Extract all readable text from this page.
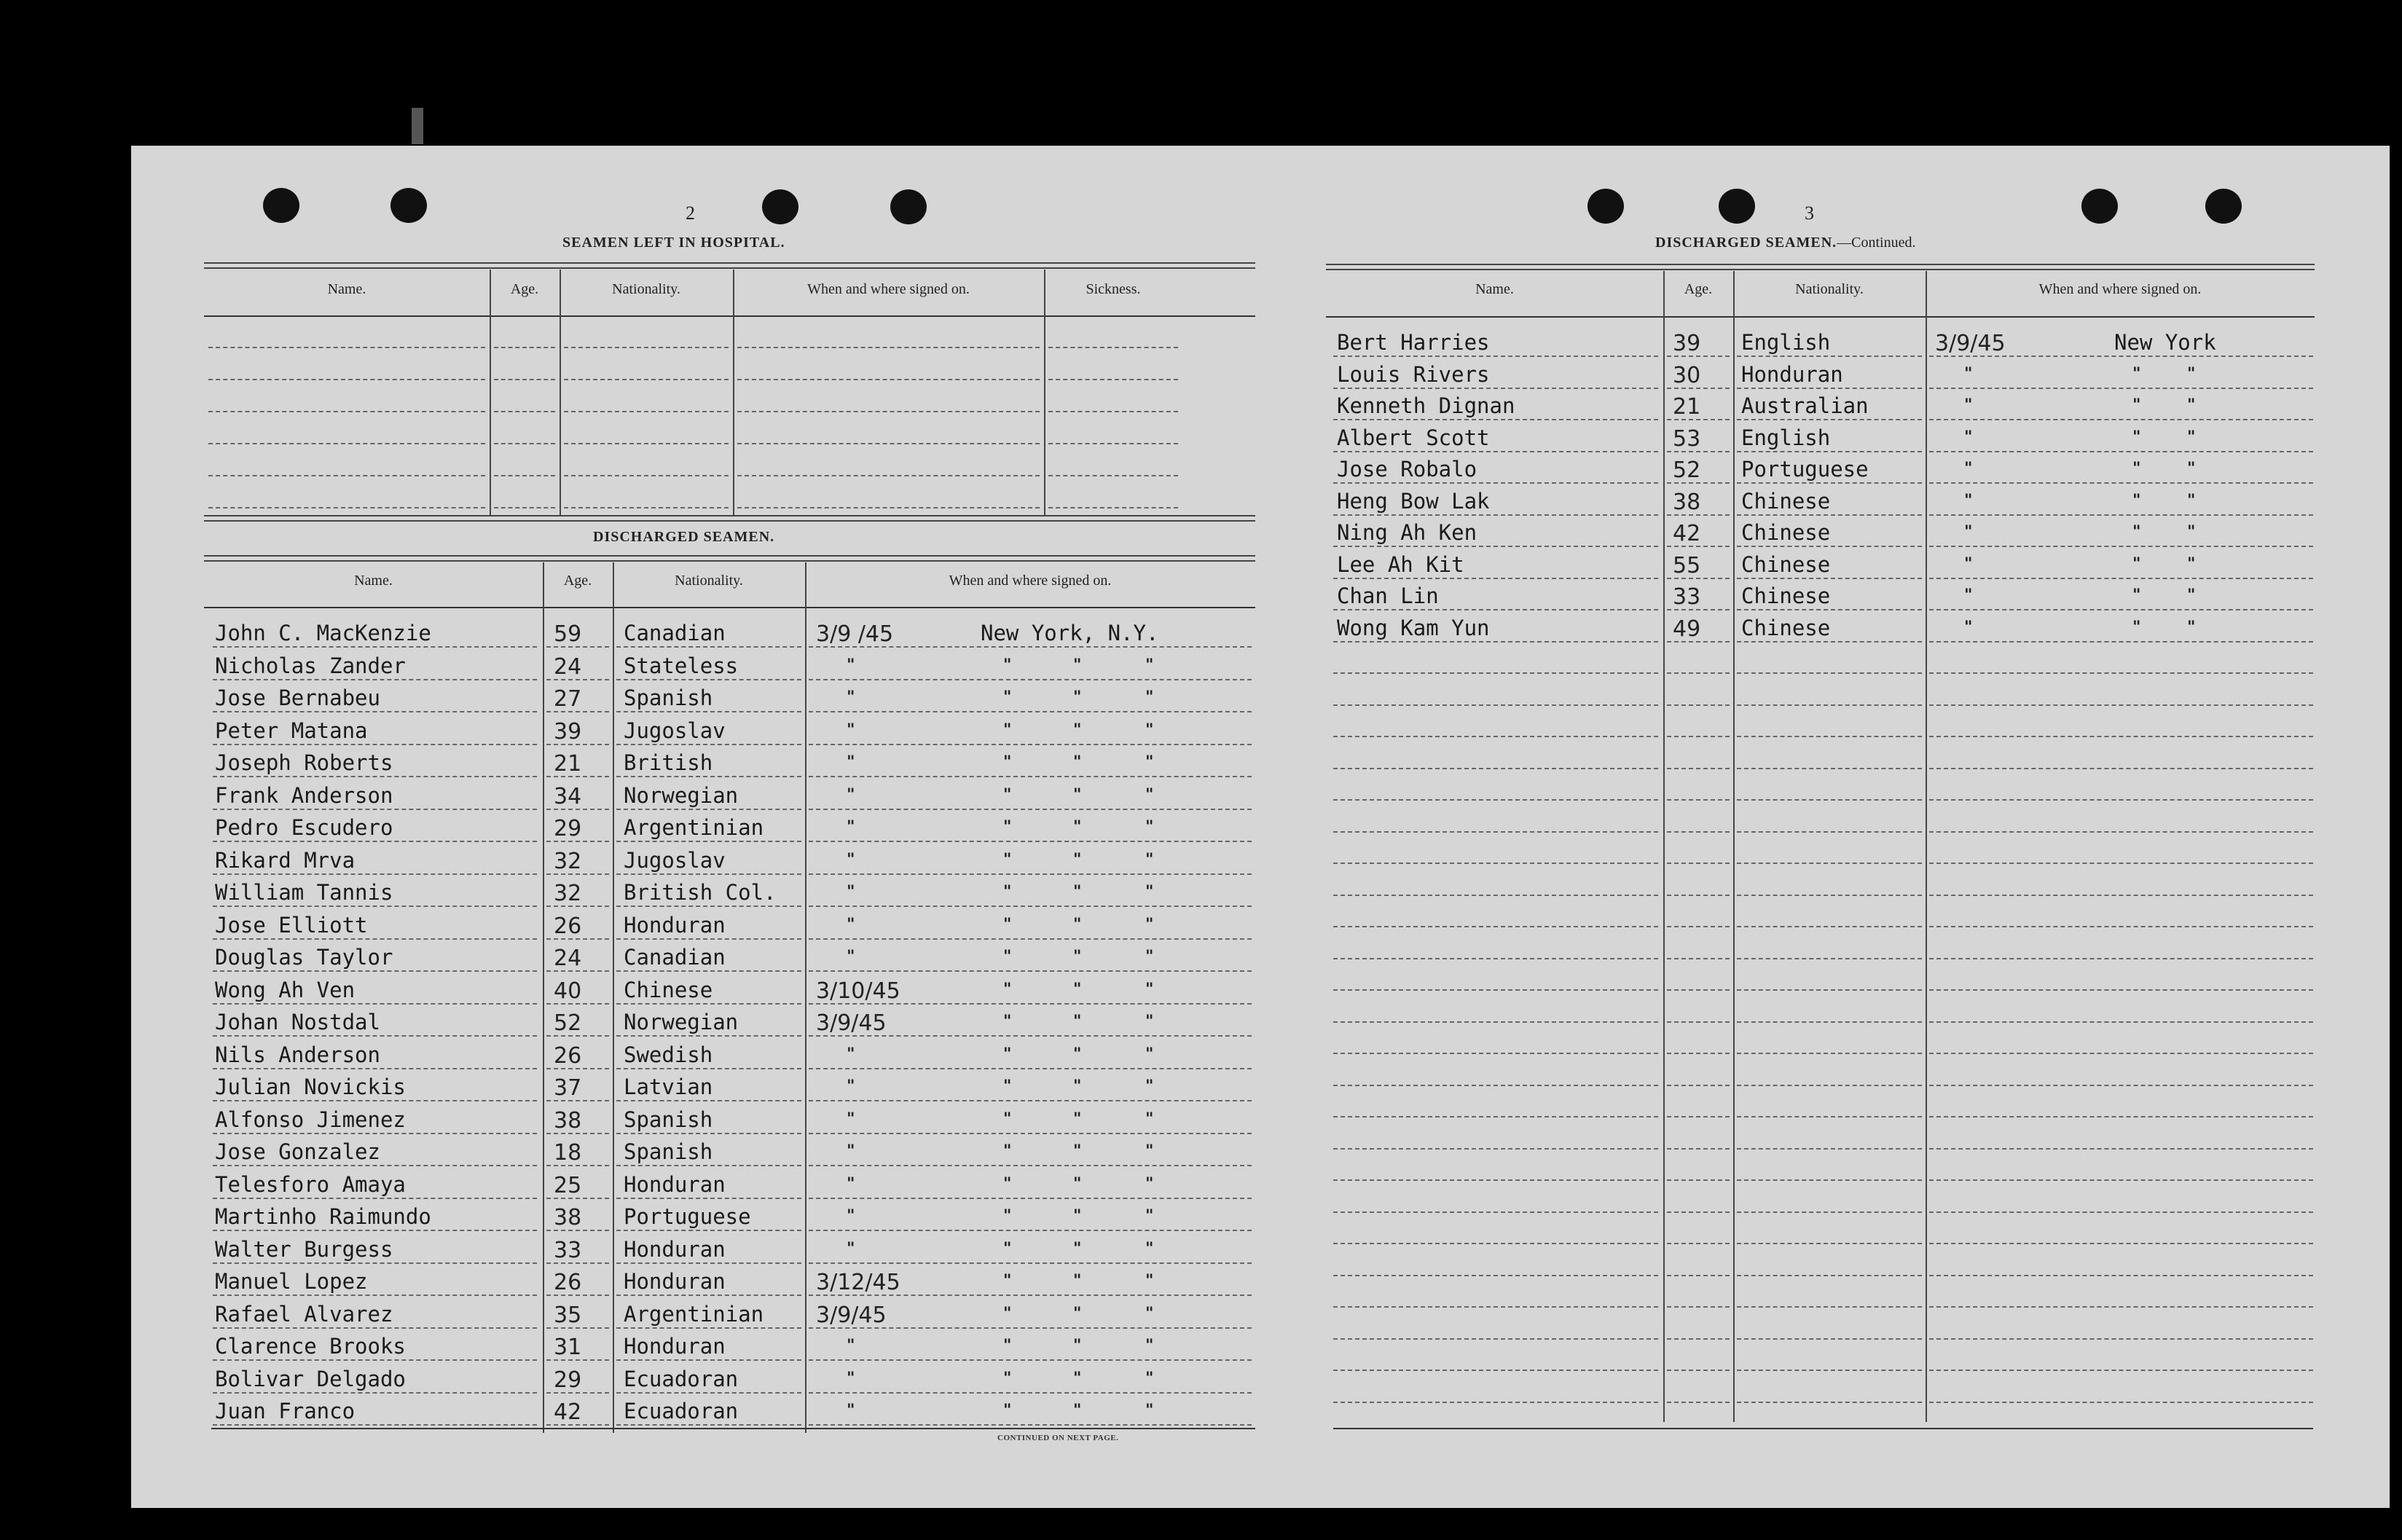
2
SEAMEN LEFT IN HOSPITAL.
Name.	Age.	Nationality.	When and where signed on.	Sickness.
DISCHARGED SEAMEN.
Name.	Age.	Nationality.	When and where signed on.
John C. MacKenzie	59 Canadian	3/9 /45	New York, N.Y.
Nicholas Zander	24 Stateless	"	"	"	"
Jose Bernabeu	27 Spanish	"	"	"	"
Peter Matana	39 Jugoslav	"	"	"	"
Joseph Roberts	21 British	"	"	"	"
Frank Anderson	34 Norwegian	"	"	"	"
Pedro Escudero	29 Argentinian	"	"	"	"
Rikard Mrva	32 Jugoslav	"	"	"	"
William Tannis	32 British Col.	"	"	"	"
Jose Elliott	26 Honduran	"	"	"	"
Douglas Taylor	24 Canadian	"	"	"	"
Wong Ah Ven	40 Chinese	3/10/45	"	"	"
Johan Nostdal	52 Norwegian	3/9/45	"	"	"
Nils Anderson	26 Swedish	"	"	"	"
Julian Novickis	37 Latvian	"	"	"	"
Alfonso Jimenez	38 Spanish	"	"	"	"
Jose Gonzalez	18 Spanish	"	"	"	"
Telesforo Amaya	25 Honduran	"	"	"	"
Martinho Raimundo	38 Portuguese	"	"	"	"
Walter Burgess	33 Honduran	"	"	"	"
Manuel Lopez	26 Honduran	3/12/45	"	"	"
Rafael Alvarez	35 Argentinian 3/9/45	"	"	"
Clarence Brooks	31 Honduran	"	"	"	"
Bolivar Delgado	29 Ecuadoran	"	"	"	"
Juan Franco	42 Ecuadoran	"	"	"	"
CONTINUED ON NEXT PAGE.
3
DISCHARGED SEAMEN.—Continued.
Name.	Age.	Nationality.	When and where signed on.
Bert Harries	39 English	3/9/45	New York
Louis Rivers	30 Honduran	"	"	"
Kenneth Dignan	21 Australian	"	"	"
Albert Scott	53 English	"	"	"
Jose Robalo	52 Portuguese	"	"	"
Heng Bow Lak	38 Chinese	"	"	"
Ning Ah Ken	42 Chinese	"	"	"
Lee Ah Kit	55 Chinese	"	"	"
Chan Lin	33 Chinese	"	"	"
Wong Kam Yun	49 Chinese	"	"	"
